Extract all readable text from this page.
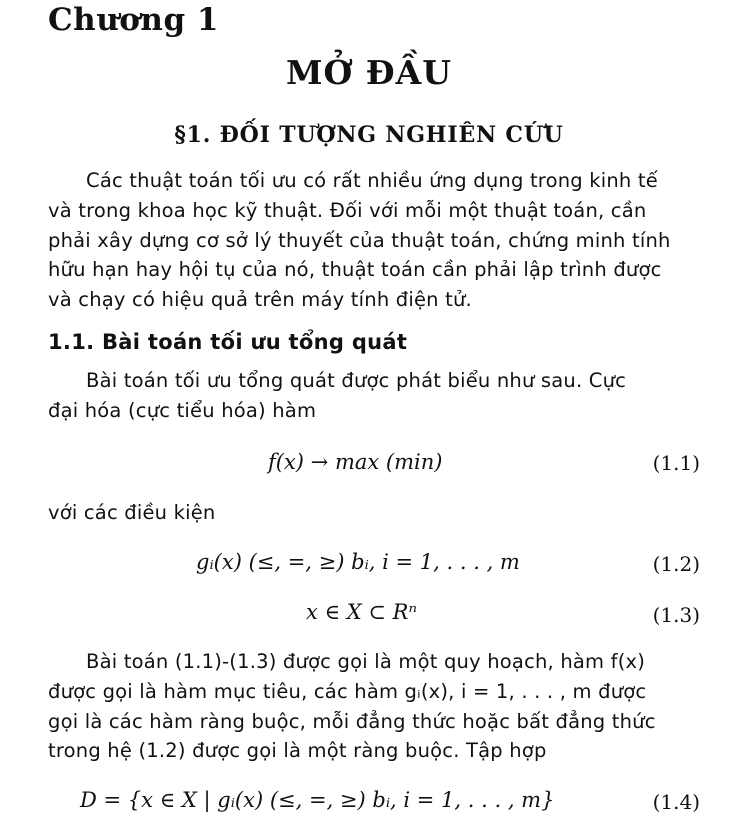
Chương 1
MỞ ĐẦU
§1. ĐỐI TƯỢNG NGHIÊN CỨU
Các thuật toán tối ưu có rất nhiều ứng dụng trong kinh tế
và trong khoa học kỹ thuật. Đối với mỗi một thuật toán, cần
phải xây dựng cơ sở lý thuyết của thuật toán, chứng minh tính
hữu hạn hay hội tụ của nó, thuật toán cần phải lập trình được
và chạy có hiệu quả trên máy tính điện tử.
1.1. Bài toán tối ưu tổng quát
Bài toán tối ưu tổng quát được phát biểu như sau. Cực
đại hóa (cực tiểu hóa) hàm
f(x) → max (min)	(1.1)
với các điều kiện
gᵢ(x) (≤, =, ≥) bᵢ, i = 1, . . . , m	(1.2)
x ∈ X ⊂ Rⁿ	(1.3)
Bài toán (1.1)-(1.3) được gọi là một quy hoạch, hàm f(x)
được gọi là hàm mục tiêu, các hàm gᵢ(x), i = 1, . . . , m được
gọi là các hàm ràng buộc, mỗi đẳng thức hoặc bất đẳng thức
trong hệ (1.2) được gọi là một ràng buộc. Tập hợp
D = {x ∈ X | gᵢ(x) (≤, =, ≥) bᵢ, i = 1, . . . , m}	(1.4)
